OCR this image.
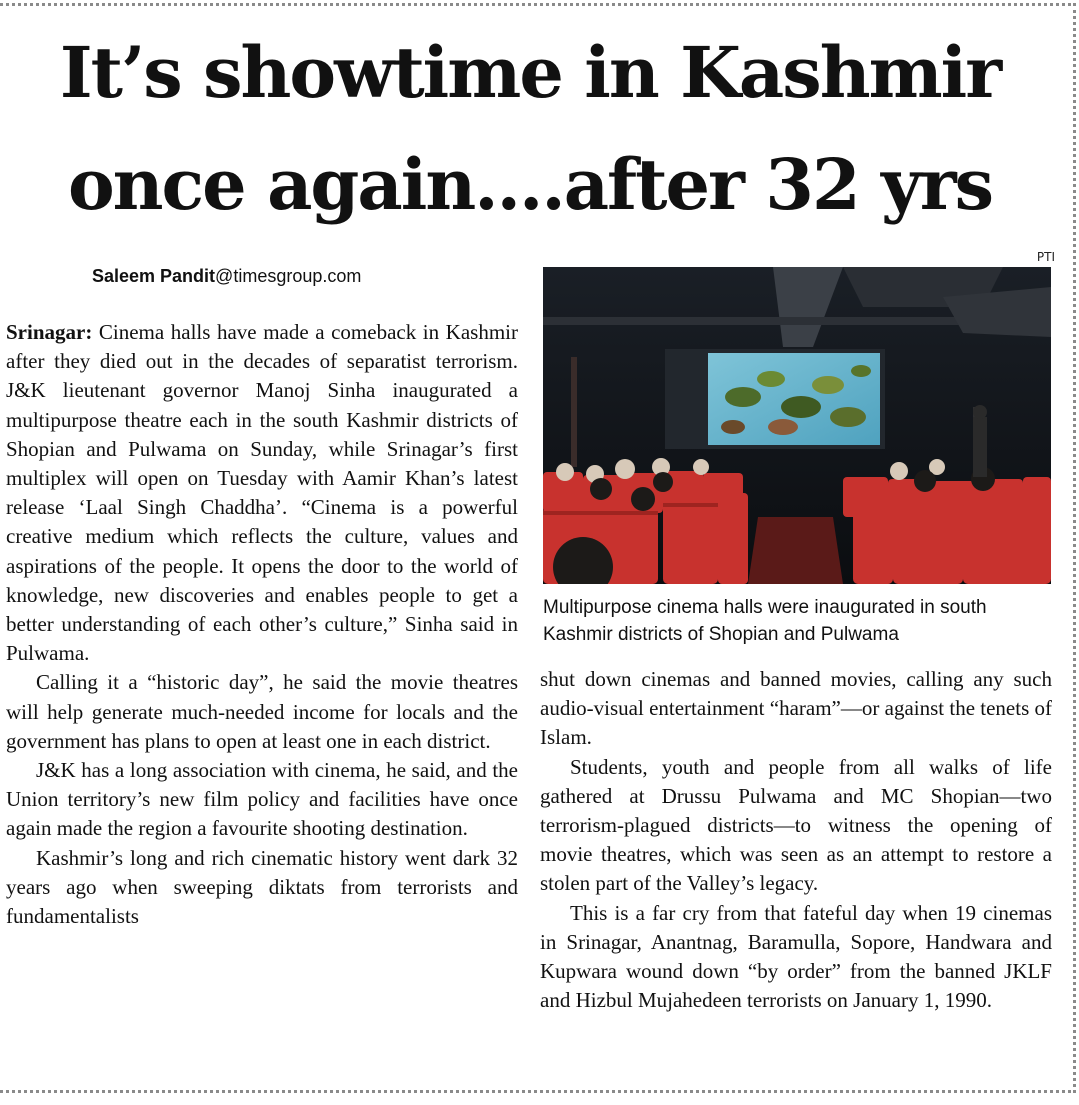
It’s showtime in Kashmir
once again....after 32 yrs
PTI
Saleem Pandit@timesgroup.com

Srinagar: Cinema halls have made a comeback in Kashmir after they died out in the decades of separatist terrorism. J&K lieutenant governor Manoj Sinha inaugurated a multipurpose theatre each in the south Kashmir districts of Shopian and Pulwama on Sunday, while Srinagar’s first multiplex will open on Tuesday with Aamir Khan’s latest release ‘Laal Singh Chaddha’. “Cinema is a powerful creative medium which reflects the culture, values and aspirations of the people. It opens the door to the world of knowledge, new discoveries and enables people to get a better understanding of each other’s culture,” Sinha said in Pulwama.

Calling it a “historic day”, he said the movie theatres will help generate much-needed income for locals and the government has plans to open at least one in each district.

J&K has a long association with cinema, he said, and the Union territory’s new film policy and facilities have once again made the region a favourite shooting destination.

Kashmir’s long and rich cinematic history went dark 32 years ago when sweeping diktats from terrorists and fundamentalists

Multipurpose cinema halls were inaugurated in south Kashmir districts of Shopian and Pulwama

shut down cinemas and banned movies, calling any such audio-visual entertainment “haram”—or against the tenets of Islam.

Students, youth and people from all walks of life gathered at Drussu Pulwama and MC Shopian—two terrorism-plagued districts—to witness the opening of movie theatres, which was seen as an attempt to restore a stolen part of the Valley’s legacy.

This is a far cry from that fateful day when 19 cinemas in Srinagar, Anantnag, Baramulla, Sopore, Handwara and Kupwara wound down “by order” from the banned JKLF and Hizbul Mujahedeen terrorists on January 1, 1990.
